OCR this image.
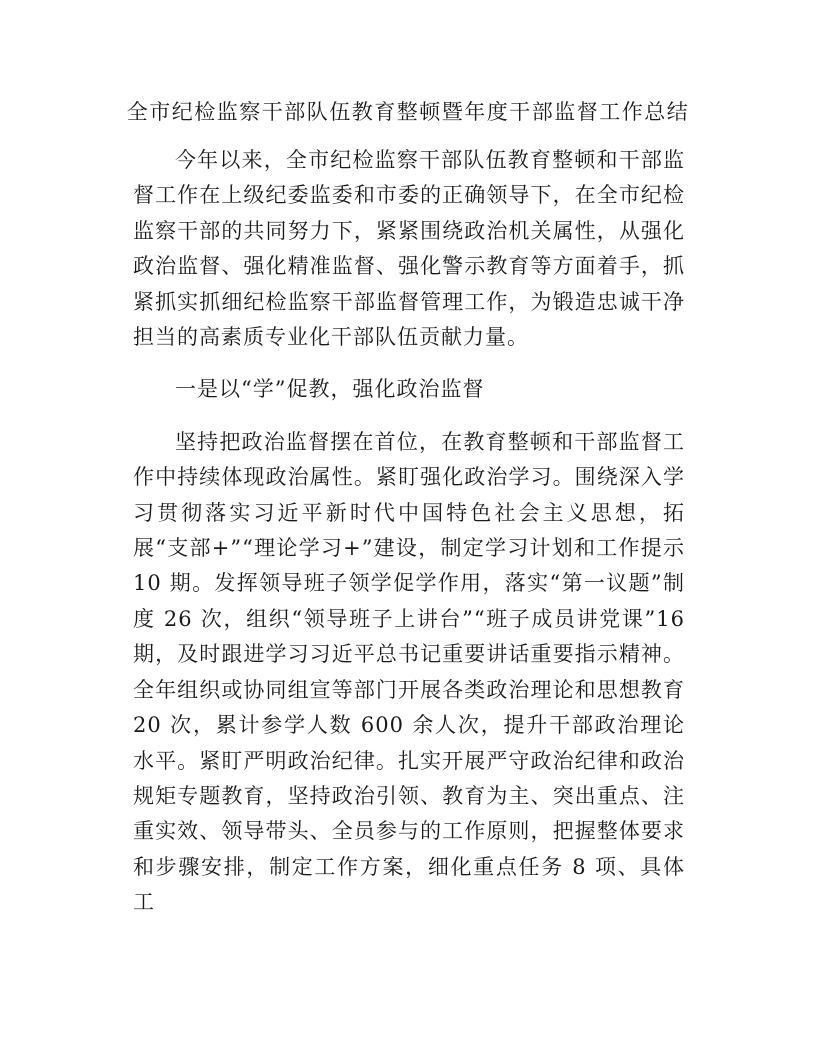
全市纪检监察干部队伍教育整顿暨年度干部监督工作总结

今年以来，全市纪检监察干部队伍教育整顿和干部监督工作在上级纪委监委和市委的正确领导下，在全市纪检监察干部的共同努力下，紧紧围绕政治机关属性，从强化政治监督、强化精准监督、强化警示教育等方面着手，抓紧抓实抓细纪检监察干部监督管理工作，为锻造忠诚干净担当的高素质专业化干部队伍贡献力量。

一是以“学”促教，强化政治监督

坚持把政治监督摆在首位，在教育整顿和干部监督工作中持续体现政治属性。紧盯强化政治学习。围绕深入学习贯彻落实习近平新时代中国特色社会主义思想，拓展“支部+”“理论学习+”建设，制定学习计划和工作提示 10 期。发挥领导班子领学促学作用，落实“第一议题”制度 26 次，组织“领导班子上讲台”“班子成员讲党课”16 期，及时跟进学习习近平总书记重要讲话重要指示精神。全年组织或协同组宣等部门开展各类政治理论和思想教育 20 次，累计参学人数 600 余人次，提升干部政治理论水平。紧盯严明政治纪律。扎实开展严守政治纪律和政治规矩专题教育，坚持政治引领、教育为主、突出重点、注重实效、领导带头、全员参与的工作原则，把握整体要求和步骤安排，制定工作方案，细化重点任务 8 项、具体工
